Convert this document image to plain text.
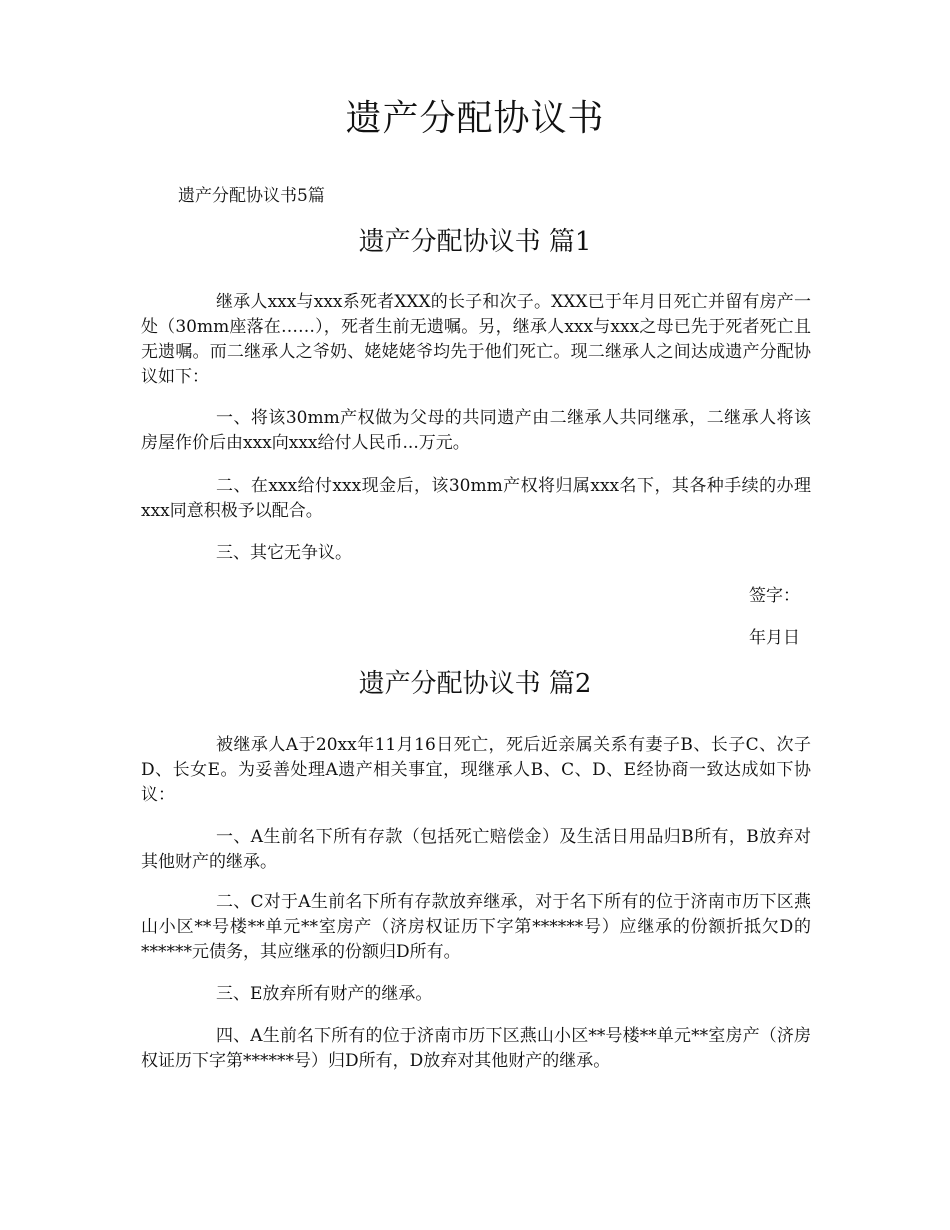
遗产分配协议书
遗产分配协议书5篇
遗产分配协议书 篇1

继承人xxx与xxx系死者XXX的长子和次子。XXX已于年月日死亡并留有房产一处（30mm座落在……），死者生前无遗嘱。另，继承人xxx与xxx之母已先于死者死亡且无遗嘱。而二继承人之爷奶、姥姥姥爷均先于他们死亡。现二继承人之间达成遗产分配协议如下：

一、将该30mm产权做为父母的共同遗产由二继承人共同继承，二继承人将该房屋作价后由xxx向xxx给付人民币...万元。

二、在xxx给付xxx现金后，该30mm产权将归属xxx名下，其各种手续的办理xxx同意积极予以配合。

三、其它无争议。

签字：
年月日
遗产分配协议书 篇2

被继承人A于20xx年11月16日死亡，死后近亲属关系有妻子B、长子C、次子D、长女E。为妥善处理A遗产相关事宜，现继承人B、C、D、E经协商一致达成如下协议：

一、A生前名下所有存款（包括死亡赔偿金）及生活日用品归B所有，B放弃对其他财产的继承。

二、C对于A生前名下所有存款放弃继承，对于名下所有的位于济南市历下区燕山小区**号楼**单元**室房产（济房权证历下字第******号）应继承的份额折抵欠D的******元债务，其应继承的份额归D所有。

三、E放弃所有财产的继承。

四、A生前名下所有的位于济南市历下区燕山小区**号楼**单元**室房产（济房权证历下字第******号）归D所有，D放弃对其他财产的继承。
